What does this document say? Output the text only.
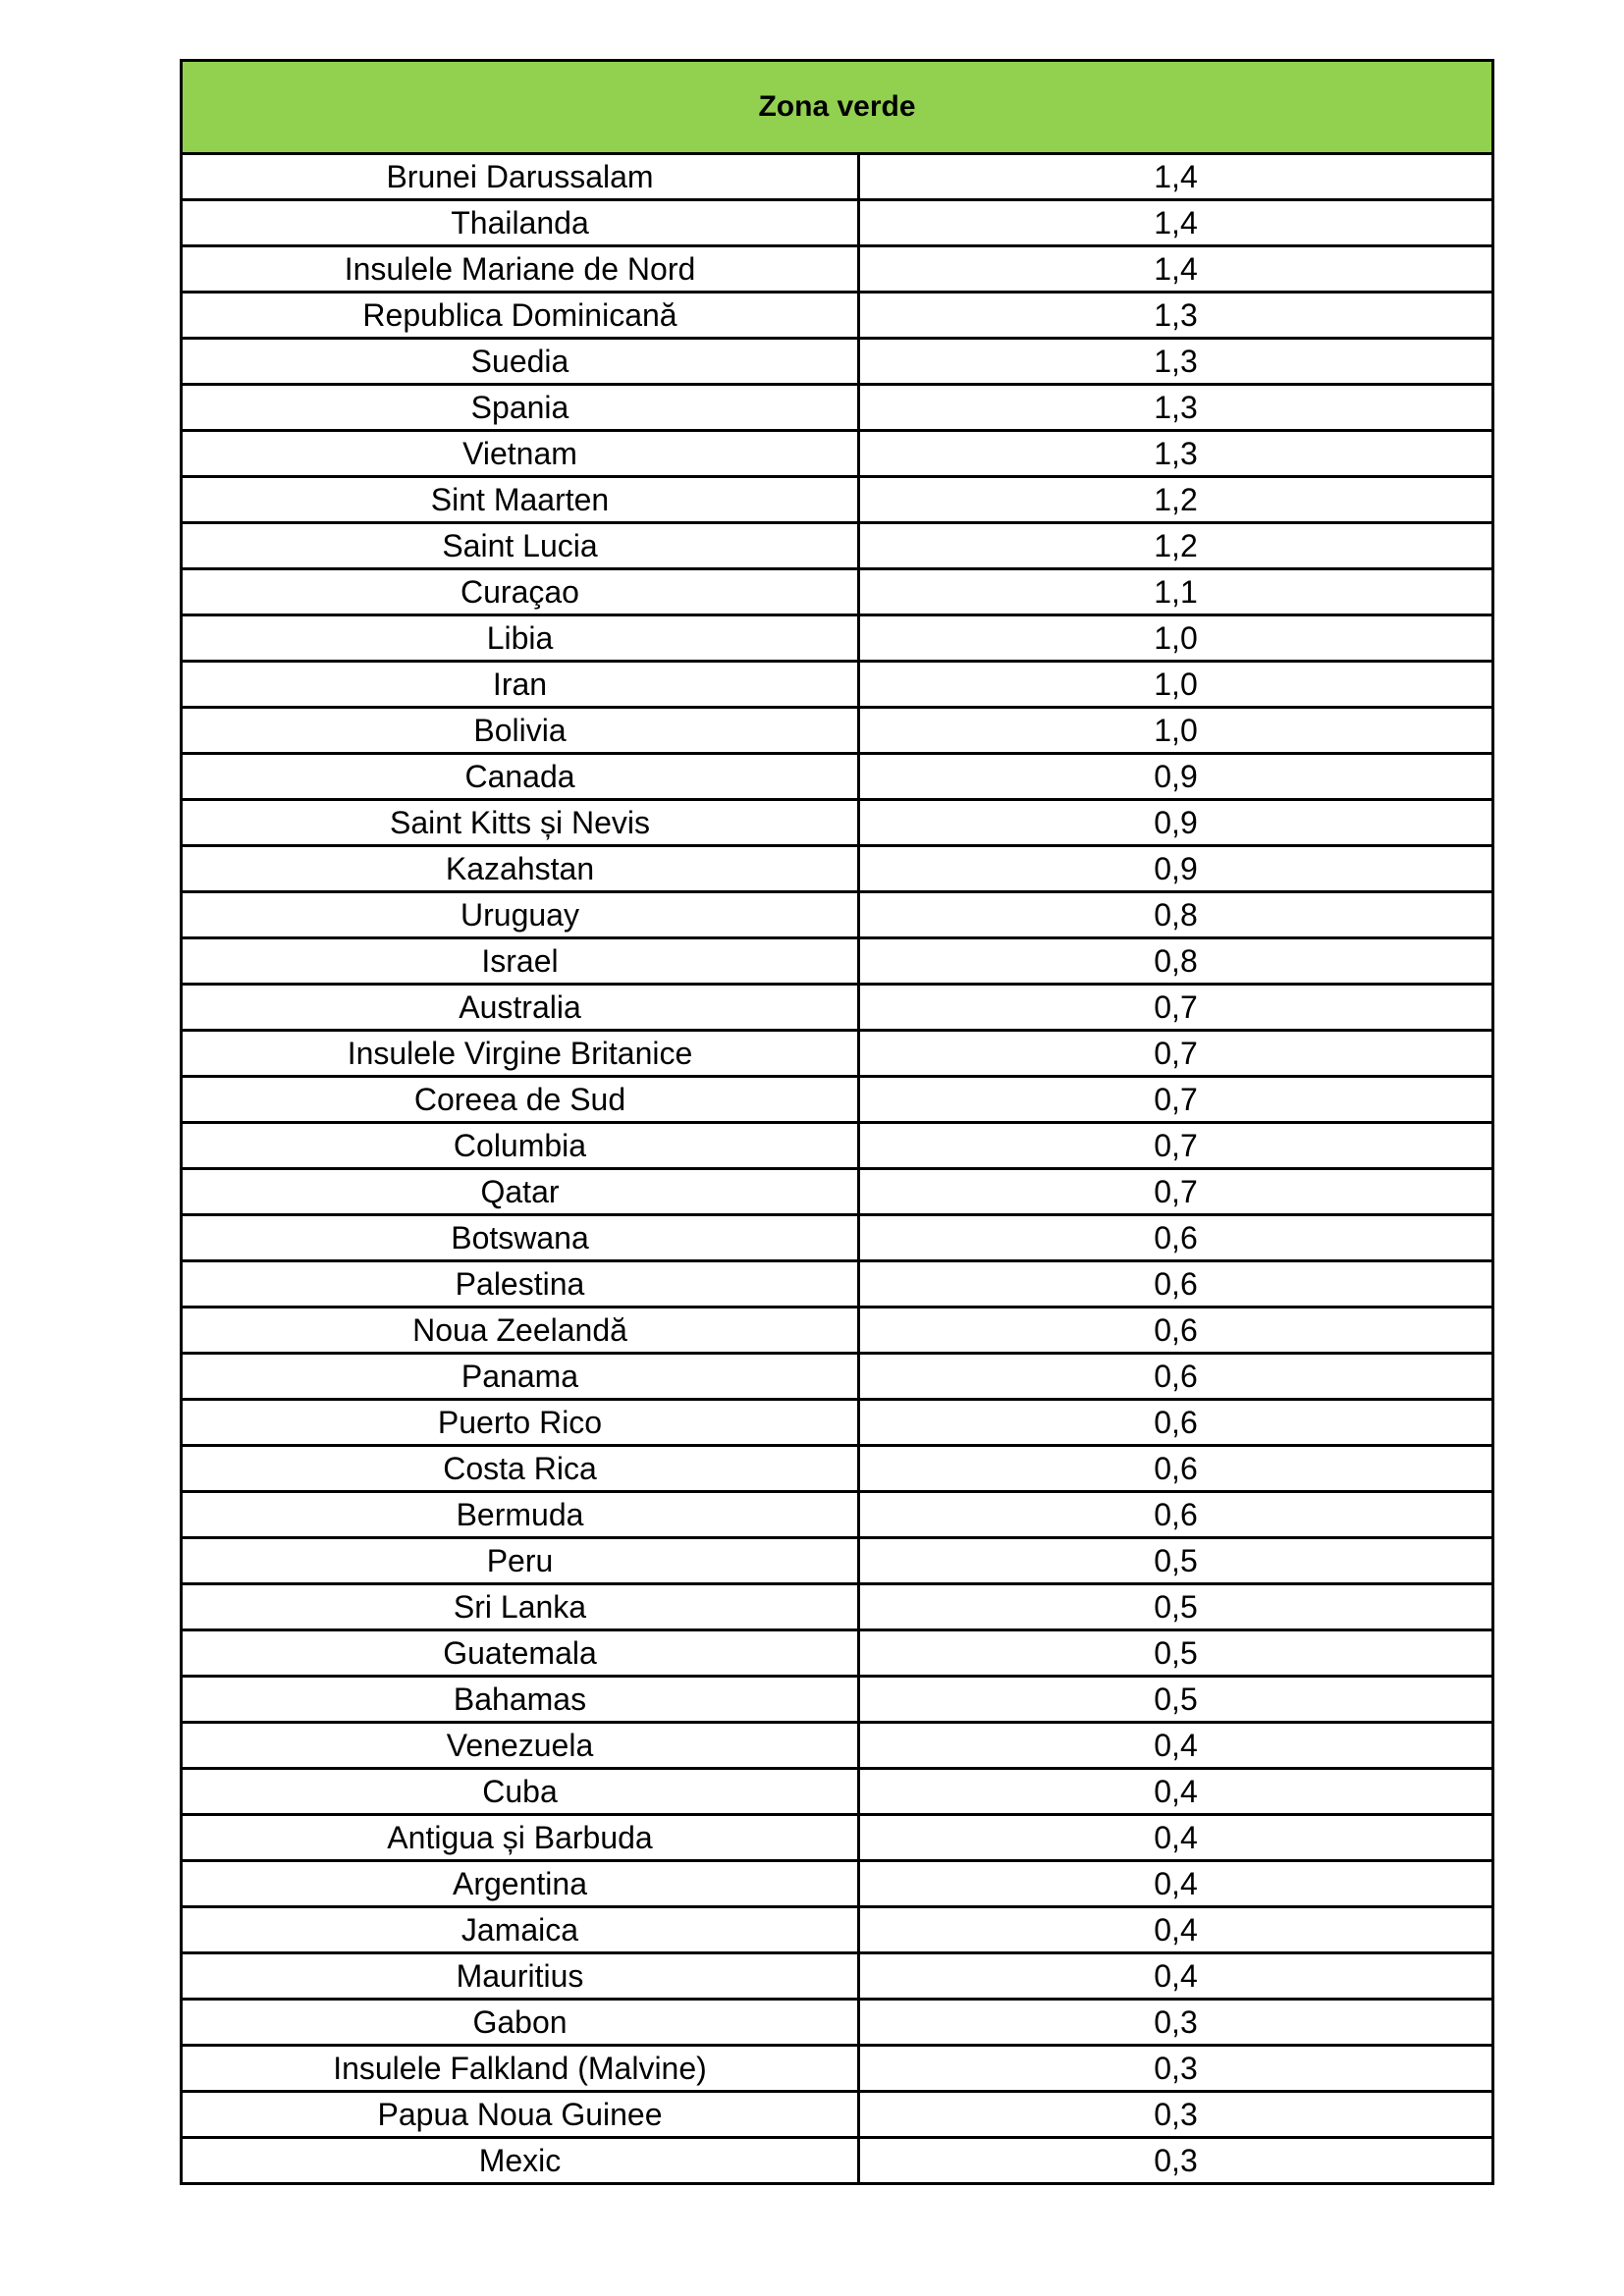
Zona verde	
Brunei Darussalam	1,4
Thailanda	1,4
Insulele Mariane de Nord	1,4
Republica Dominicană	1,3
Suedia	1,3
Spania	1,3
Vietnam	1,3
Sint Maarten	1,2
Saint Lucia	1,2
Curaçao	1,1
Libia	1,0
Iran	1,0
Bolivia	1,0
Canada	0,9
Saint Kitts și Nevis	0,9
Kazahstan	0,9
Uruguay	0,8
Israel	0,8
Australia	0,7
Insulele Virgine Britanice	0,7
Coreea de Sud	0,7
Columbia	0,7
Qatar	0,7
Botswana	0,6
Palestina	0,6
Noua Zeelandă	0,6
Panama	0,6
Puerto Rico	0,6
Costa Rica	0,6
Bermuda	0,6
Peru	0,5
Sri Lanka	0,5
Guatemala	0,5
Bahamas	0,5
Venezuela	0,4
Cuba	0,4
Antigua și Barbuda	0,4
Argentina	0,4
Jamaica	0,4
Mauritius	0,4
Gabon	0,3
Insulele Falkland (Malvine)	0,3
Papua Noua Guinee	0,3
Mexic	0,3
